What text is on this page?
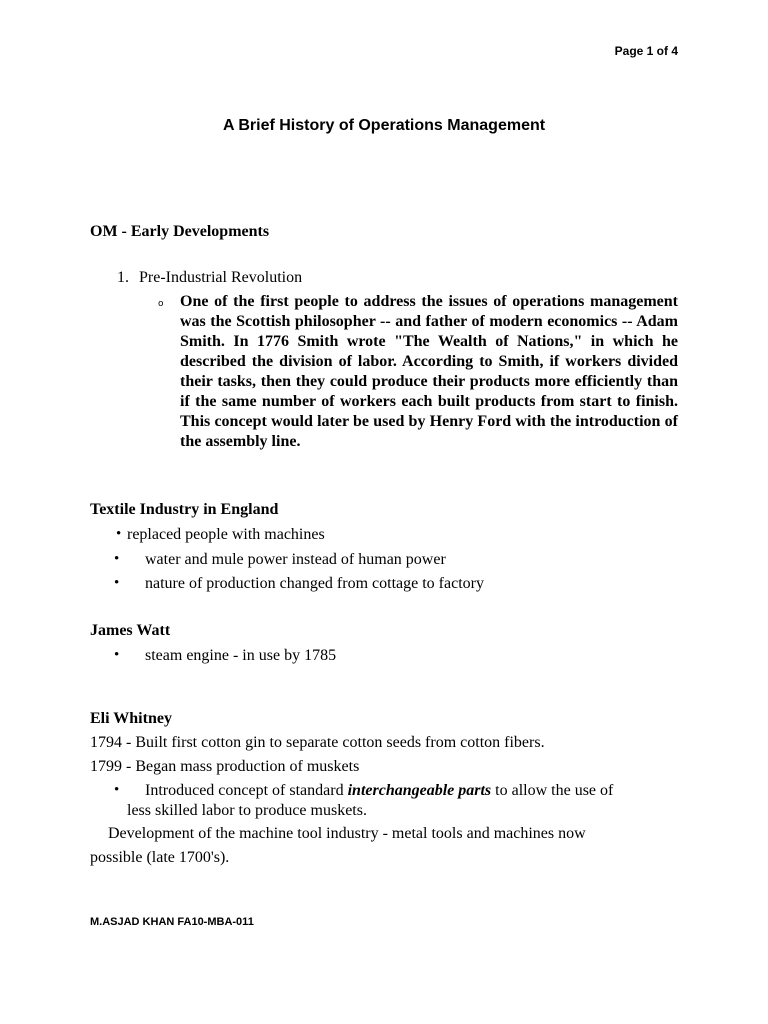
Page 1 of 4
A Brief History of Operations Management
OM - Early Developments
1. Pre-Industrial Revolution
o One of the first people to address the issues of operations management was the Scottish philosopher -- and father of modern economics -- Adam Smith. In 1776 Smith wrote "The Wealth of Nations," in which he described the division of labor. According to Smith, if workers divided their tasks, then they could produce their products more efficiently than if the same number of workers each built products from start to finish. This concept would later be used by Henry Ford with the introduction of the assembly line.

Textile Industry in England
• replaced people with machines
• water and mule power instead of human power
• nature of production changed from cottage to factory
James Watt
• steam engine - in use by 1785
Eli Whitney
1794 - Built first cotton gin to separate cotton seeds from cotton fibers.
1799 - Began mass production of muskets
• Introduced concept of standard interchangeable parts to allow the use of
less skilled labor to produce muskets.
Development of the machine tool industry - metal tools and machines now
possible (late 1700's).
M.ASJAD KHAN FA10-MBA-011
